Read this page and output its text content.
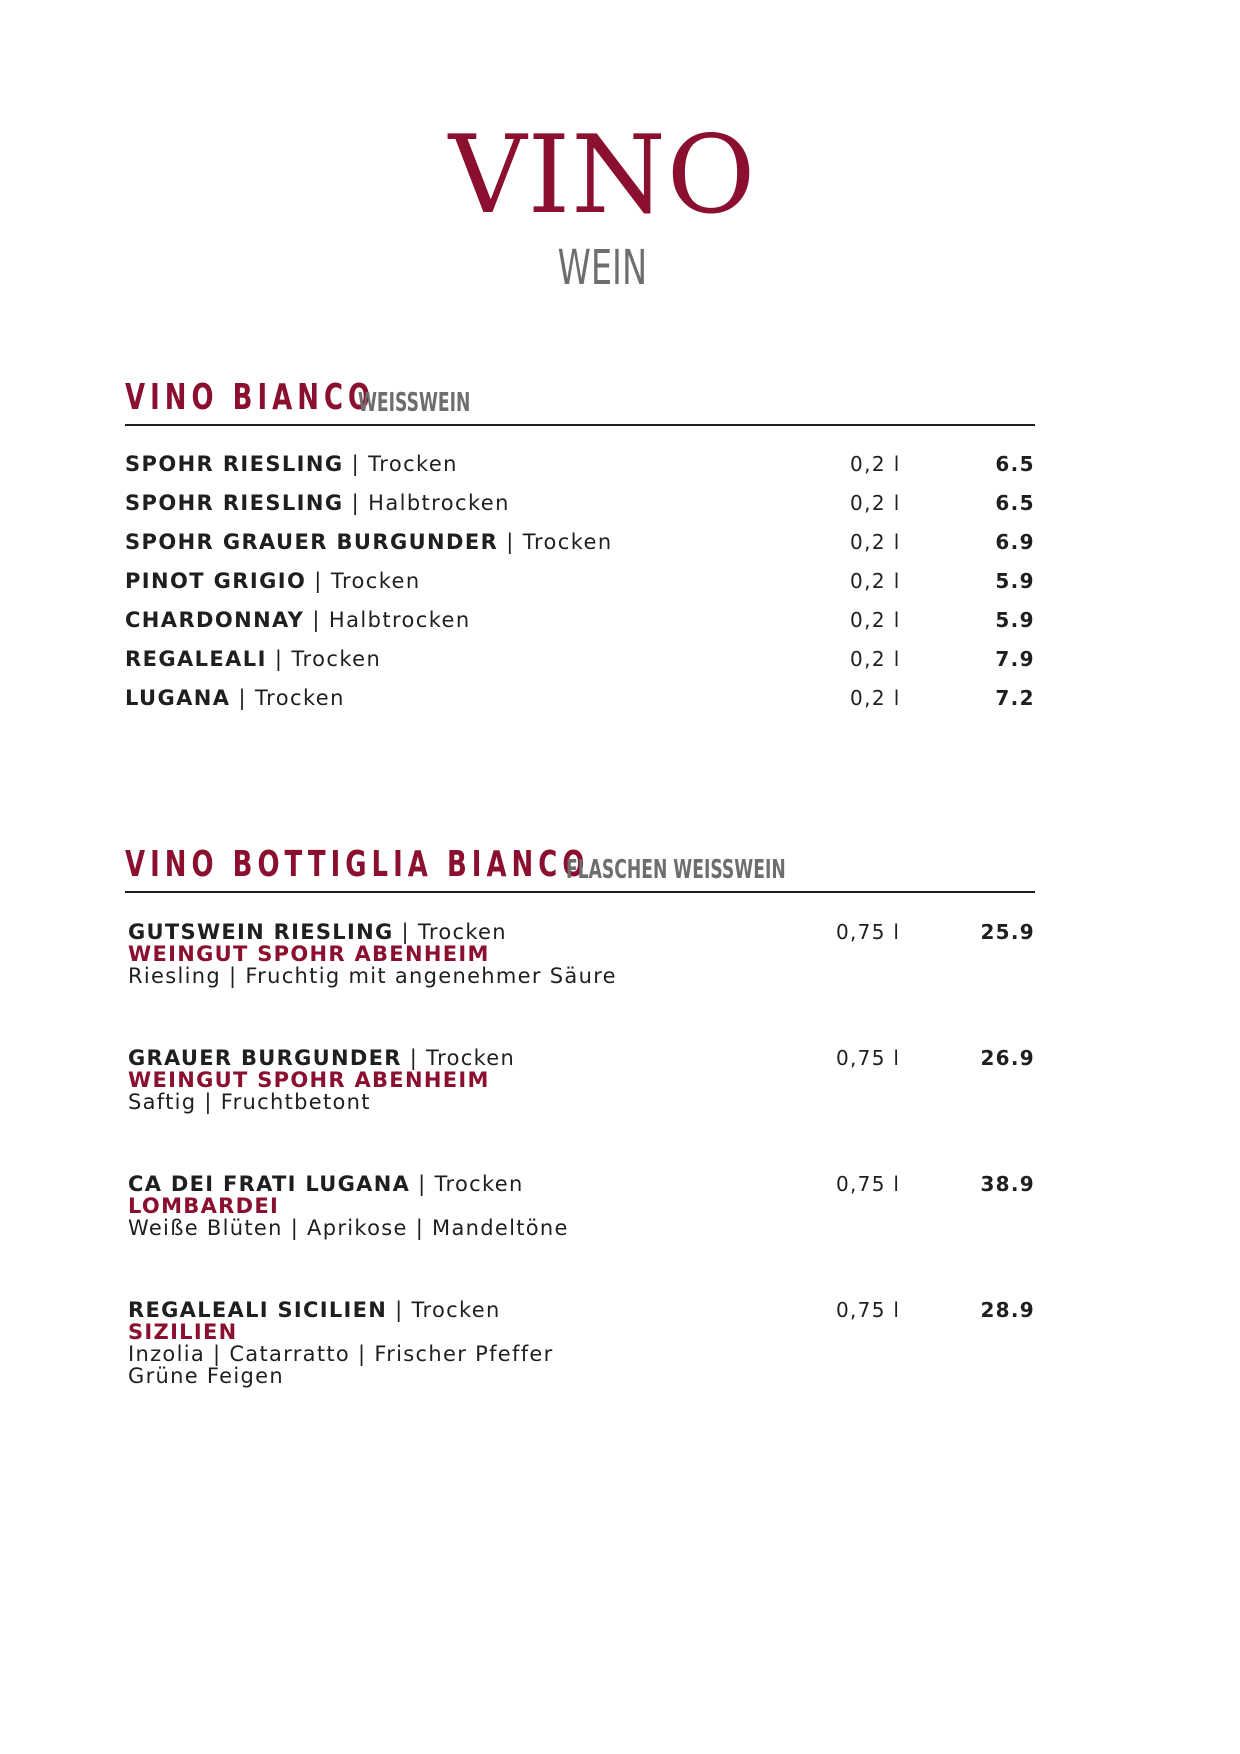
VINO
WEIN
VINO BIANCO
WEISSWEIN
SPOHR RIESLING | Trocken	0,2 l	6.5
SPOHR RIESLING | Halbtrocken	0,2 l	6.5
SPOHR GRAUER BURGUNDER | Trocken	0,2 l	6.9
PINOT GRIGIO | Trocken	0,2 l	5.9
CHARDONNAY | Halbtrocken	0,2 l	5.9
REGALEALI | Trocken	0,2 l	7.9
LUGANA | Trocken	0,2 l	7.2
VINO BOTTIGLIA BIANCO
FLASCHEN WEISSWEIN
GUTSWEIN RIESLING | Trocken
WEINGUT SPOHR ABENHEIM
Riesling | Fruchtig mit angenehmer Säure
0,75 l	25.9
GRAUER BURGUNDER | Trocken
WEINGUT SPOHR ABENHEIM
Saftig | Fruchtbetont
0,75 l	26.9
CA DEI FRATI LUGANA | Trocken
LOMBARDEI
Weiße Blüten | Aprikose | Mandeltöne
0,75 l	38.9
REGALEALI SICILIEN | Trocken
SIZILIEN
Inzolia | Catarratto | Frischer Pfeffer
Grüne Feigen
0,75 l	28.9
